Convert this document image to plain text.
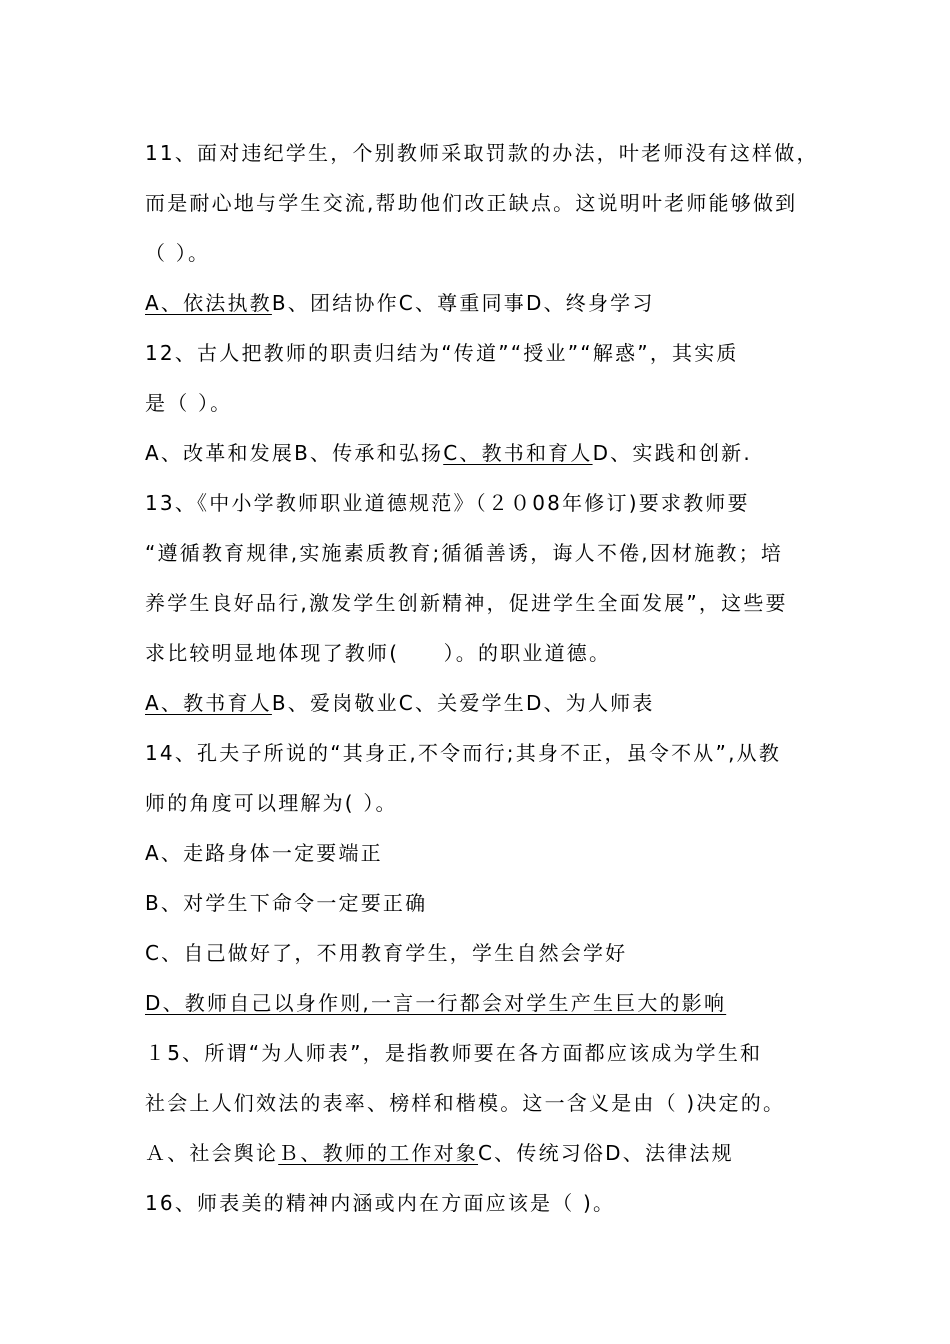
11、面对违纪学生，个别教师采取罚款的办法，叶老师没有这样做，
而是耐心地与学生交流,帮助他们改正缺点。这说明叶老师能够做到
（ ）。
A、依法执教B、团结协作C、尊重同事D、终身学习
12、古人把教师的职责归结为“传道”“授业”“解惑”，其实质
是（ ）。
A、改革和发展B、传承和弘扬C、教书和育人D、实践和创新.
13、《中小学教师职业道德规范》（２０08年修订)要求教师要
“遵循教育规律,实施素质教育;循循善诱，诲人不倦,因材施教；培
养学生良好品行,激发学生创新精神，促进学生全面发展”，这些要
求比较明显地体现了教师(　　）。的职业道德。
A、教书育人B、爱岗敬业C、关爱学生D、为人师表
14、孔夫子所说的“其身正,不令而行;其身不正，虽令不从”,从教
师的角度可以理解为( ）。
A、走路身体一定要端正
B、对学生下命令一定要正确
C、自己做好了，不用教育学生，学生自然会学好
D、教师自己以身作则,一言一行都会对学生产生巨大的影响
１5、所谓“为人师表”，是指教师要在各方面都应该成为学生和
社会上人们效法的表率、榜样和楷模。这一含义是由（ )决定的。
Ａ、社会舆论Ｂ、教师的工作对象C、传统习俗D、法律法规
16、师表美的精神内涵或内在方面应该是（ )。
